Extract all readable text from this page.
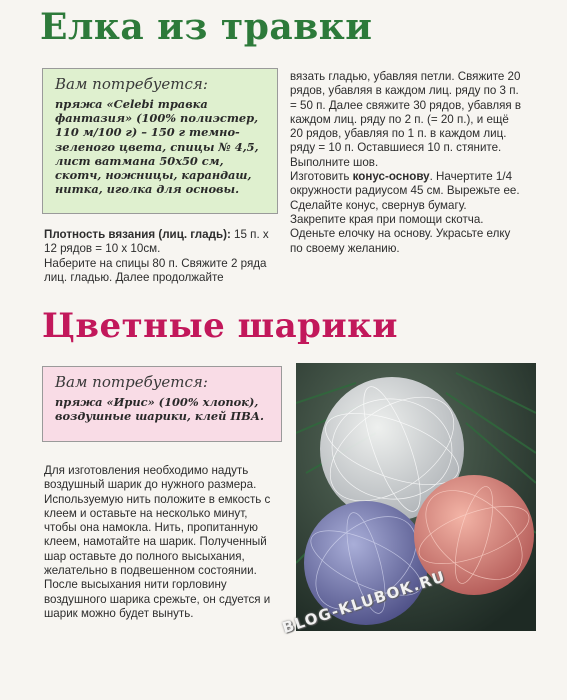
Елка из травки
Вам потребуется:
пряжа «Celebi травка фантазия» (100% полиэстер, 110 м/100 г) – 150 г темно-зеленого цвета, спицы № 4,5, лист ватмана 50х50 см, скотч, ножницы, карандаш, нитка, иголка для основы.

Плотность вязания (лиц. гладь): 15 п. х 12 рядов = 10 х 10см.

Наберите на спицы 80 п. Свяжите 2 ряда лиц. гладью. Далее продолжайте

вязать гладью, убавляя петли. Свяжите 20 рядов, убавляя в каждом лиц. ряду по 3 п. = 50 п. Далее свяжите 30 рядов, убавляя в каждом лиц. ряду по 2 п. (= 20 п.), и ещё 20 рядов, убавляя по 1 п. в каждом лиц. ряду = 10 п. Оставшиеся 10 п. стяните. Выполните шов.

Изготовить конус-основу. Начертите 1/4 окружности радиусом 45 см. Вырежьте ее. Сделайте конус, свернув бумагу. Закрепите края при помощи скотча.

Оденьте елочку на основу. Украсьте елку по своему желанию.

Цветные шарики
Вам потребуется:
пряжа «Ирис» (100% хлопок), воздушные шарики, клей ПВА.

Для изготовления необходимо надуть воздушный шарик до нужного размера. Используемую нить положите в емкость с клеем и оставьте на несколько минут, чтобы она намокла. Нить, пропитанную клеем, намотайте на шарик. Полученный шар оставьте до полного высыхания, желательно в подвешенном состоянии. После высыхания нити горловину воздушного шарика срежьте, он сдуется и шарик можно будет вынуть.	BLOG-KLUBOK.RU
